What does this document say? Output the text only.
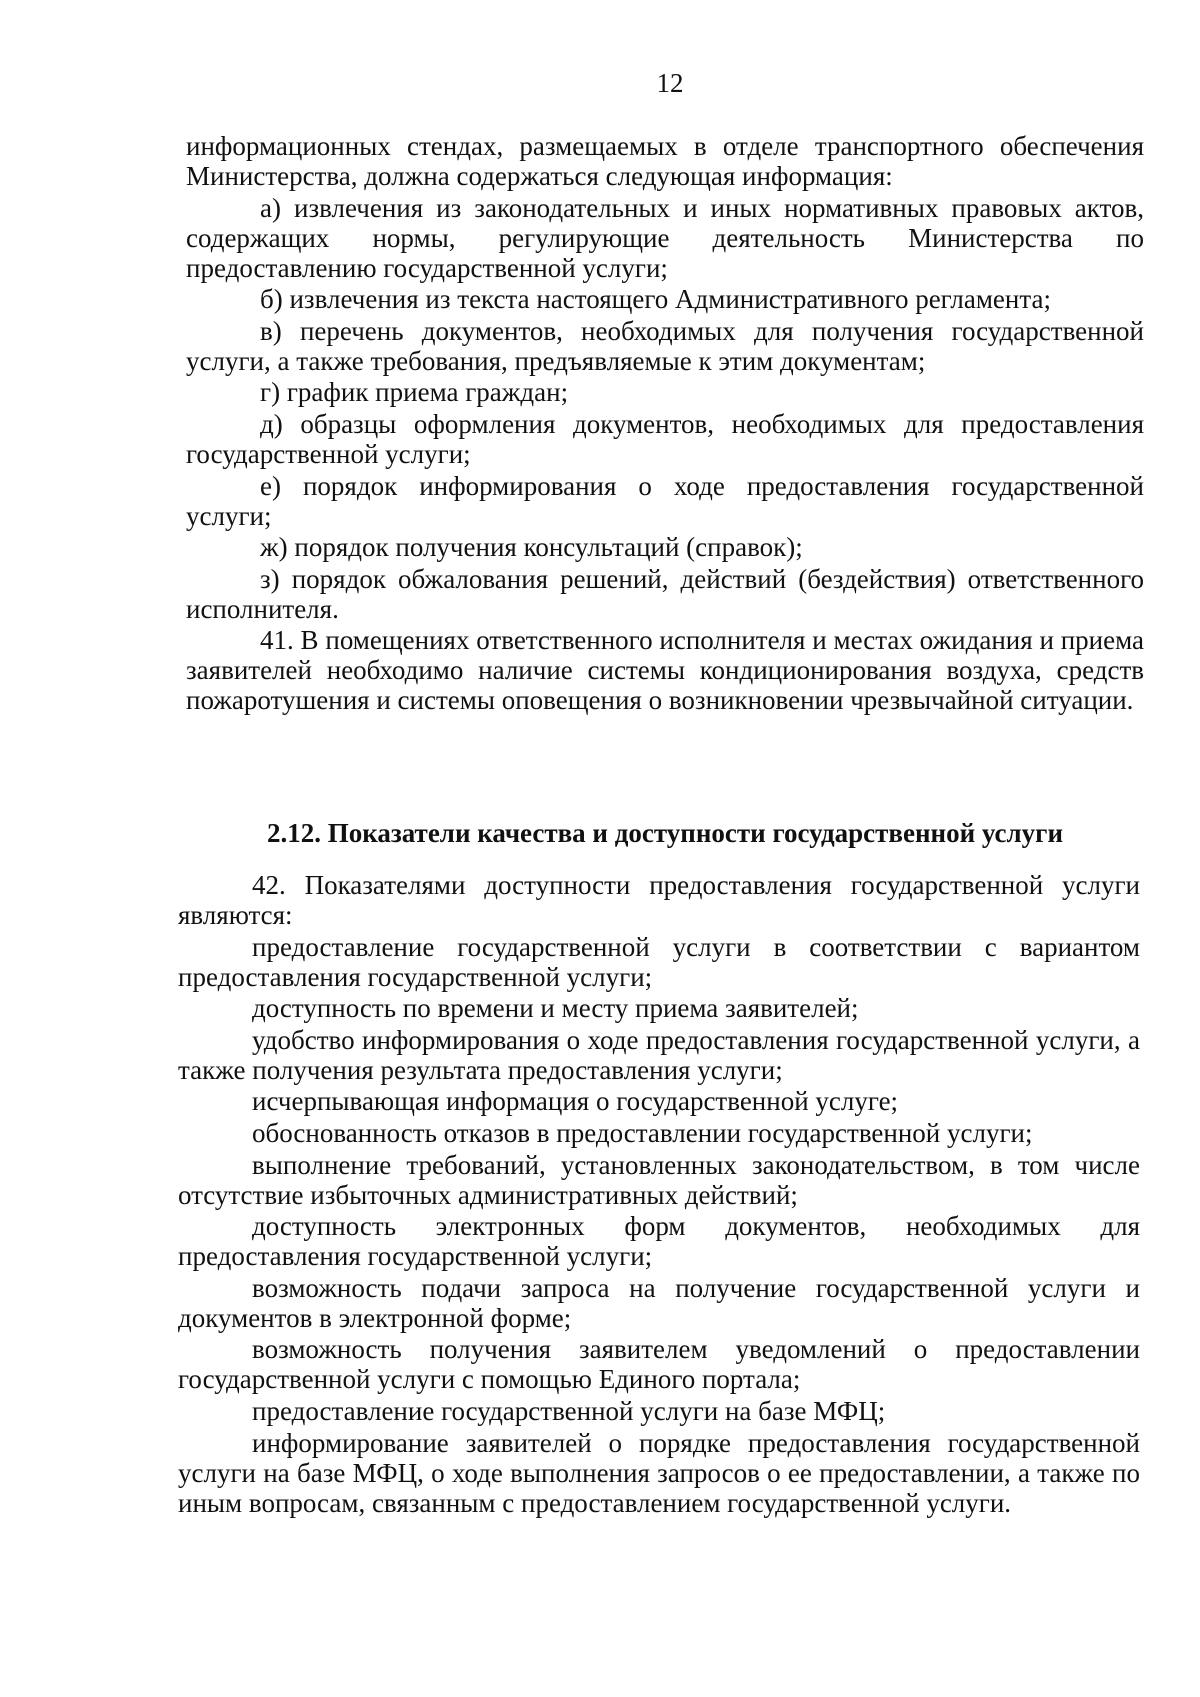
12

информационных стендах, размещаемых в отделе транспортного обеспечения Министерства, должна содержаться следующая информация:

а) извлечения из законодательных и иных нормативных правовых актов, содержащих нормы, регулирующие деятельность Министерства по предоставлению государственной услуги;

б) извлечения из текста настоящего Административного регламента;

в) перечень документов, необходимых для получения государственной услуги, а также требования, предъявляемые к этим документам;

г) график приема граждан;

д) образцы оформления документов, необходимых для предоставления государственной услуги;

е) порядок информирования о ходе предоставления государственной услуги;

ж) порядок получения консультаций (справок);

з) порядок обжалования решений, действий (бездействия) ответственного исполнителя.

41. В помещениях ответственного исполнителя и местах ожидания и приема заявителей необходимо наличие системы кондиционирования воздуха, средств пожаротушения и системы оповещения о возникновении чрезвычайной ситуации.

2.12. Показатели качества и доступности государственной услуги

42. Показателями доступности предоставления государственной услуги являются:

предоставление государственной услуги в соответствии с вариантом предоставления государственной услуги;

доступность по времени и месту приема заявителей;

удобство информирования о ходе предоставления государственной услуги, а также получения результата предоставления услуги;

исчерпывающая информация о государственной услуге;

обоснованность отказов в предоставлении государственной услуги;

выполнение требований, установленных законодательством, в том числе отсутствие избыточных административных действий;

доступность электронных форм документов, необходимых для предоставления государственной услуги;

возможность подачи запроса на получение государственной услуги и документов в электронной форме;

возможность получения заявителем уведомлений о предоставлении государственной услуги с помощью Единого портала;

предоставление государственной услуги на базе МФЦ;

информирование заявителей о порядке предоставления государственной услуги на базе МФЦ, о ходе выполнения запросов о ее предоставлении, а также по иным вопросам, связанным с предоставлением государственной услуги.
